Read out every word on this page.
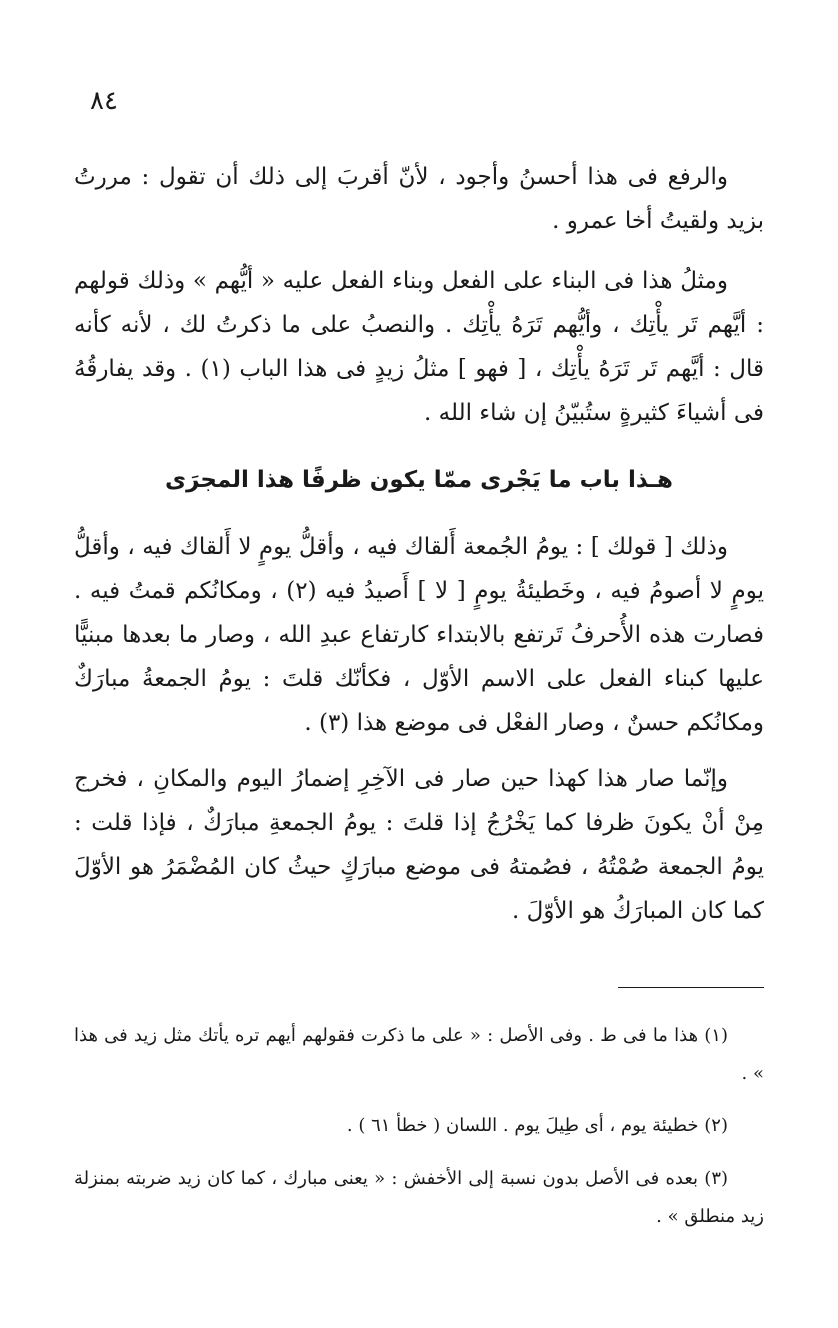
٨٤

والرفع فى هذا أحسنُ وأجود ، لأنّ أقربَ إلى ذلك أن تقول : مررتُ بزيد ولقيتُ أخا عمرو .

ومثلُ هذا فى البناء على الفعل وبناء الفعل عليه « أيُّهم » وذلك قولهم : أيَّهم تَر يأْتِك ، وأيُّهم تَرَهُ يأْتِك . والنصبُ على ما ذكرتُ لك ، لأنه كأنه قال : أيَّهم تَر تَرَهُ يأْتِك ، [ فهو ] مثلُ زيدٍ فى هذا الباب (١) . وقد يفارقُهُ فى أشياءَ كثيرةٍ ستُبيّنُ إن شاء الله .

هـذا باب ما يَجْرى ممّا يكون ظرفًا هذا المجرَى

وذلك [ قولك ] : يومُ الجُمعة أَلقاك فيه ، وأقلُّ يومٍ لا أَلقاك فيه ، وأقلُّ يومٍ لا أصومُ فيه ، وخَطيئةُ يومٍ [ لا ] أَصيدُ فيه (٢) ، ومكانُكم قمتُ فيه . فصارت هذه الأُحرفُ تَرتفع بالابتداء كارتفاع عبدِ الله ، وصار ما بعدها مبنيًّا عليها كبناء الفعل على الاسم الأوّل ، فكأنّك قلتَ : يومُ الجمعةُ مبارَكٌ ومكانُكم حسنٌ ، وصار الفعْل فى موضع هذا (٣) .

وإنّما صار هذا كهذا حين صار فى الآخِرِ إضمارُ اليوم والمكانِ ، فخرج مِنْ أنْ يكونَ ظرفا كما يَخْرُجُ إذا قلتَ : يومُ الجمعةِ مبارَكٌ ، فإذا قلت : يومُ الجمعة صُمْتُهُ ، فصُمتهُ فى موضع مبارَكٍ حيثُ كان المُضْمَرُ هو الأوّلَ كما كان المبارَكُ هو الأوّلَ .

(١) هذا ما فى ط . وفى الأصل : « على ما ذكرت فقولهم أيهم تره يأتك مثل زيد فى هذا » .

(٢) خطيئة يوم ، أى طِيلَ يوم . اللسان ( خطأ ٦١ ) .

(٣) بعده فى الأصل بدون نسبة إلى الأخفش : « يعنى مبارك ، كما كان زيد ضربته بمنزلة زيد منطلق » .
